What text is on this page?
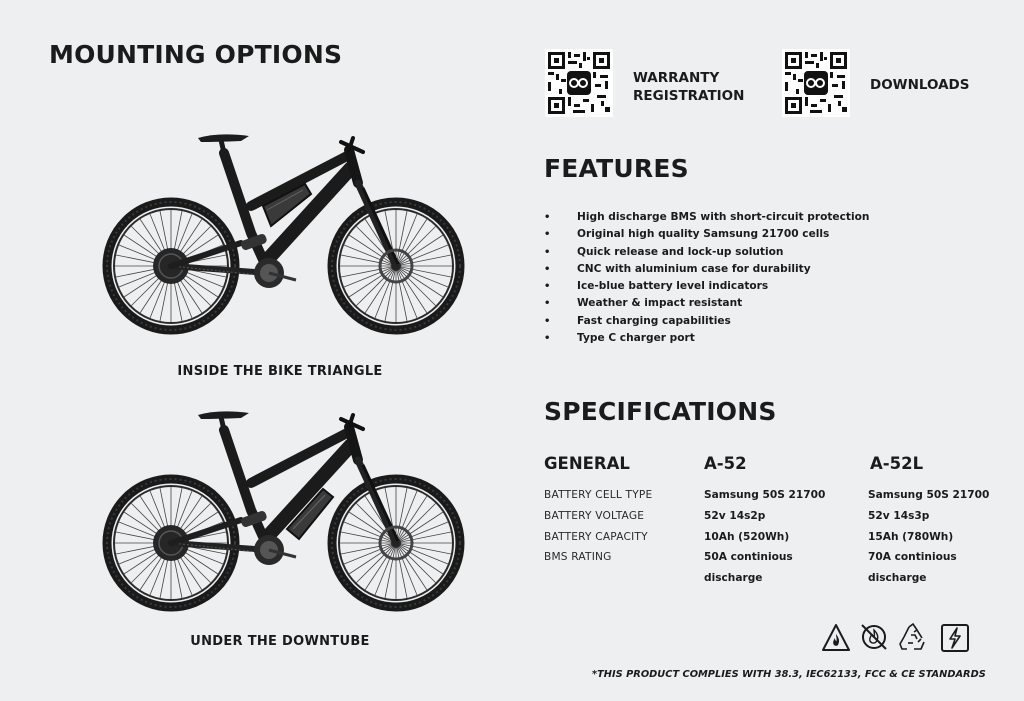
MOUNTING OPTIONS
INSIDE THE BIKE TRIANGLE
UNDER THE DOWNTUBE
WARRANTY
REGISTRATION
DOWNLOADS
FEATURES
• High discharge BMS with short-circuit protection
• Original high quality Samsung 21700 cells
• Quick release and lock-up solution
• CNC with aluminium case for durability
• Ice-blue battery level indicators
• Weather & impact resistant
• Fast charging capabilities
• Type C charger port
SPECIFICATIONS
GENERAL	A-52	A-52L
BATTERY CELL TYPE
BATTERY VOLTAGE
BATTERY CAPACITY
BMS RATING
Samsung 50S 21700
52v 14s2p
10Ah (520Wh)
50A continious
discharge
Samsung 50S 21700
52v 14s3p
15Ah (780Wh)
70A continious
discharge
*THIS PRODUCT COMPLIES WITH 38.3, IEC62133, FCC & CE STANDARDS
